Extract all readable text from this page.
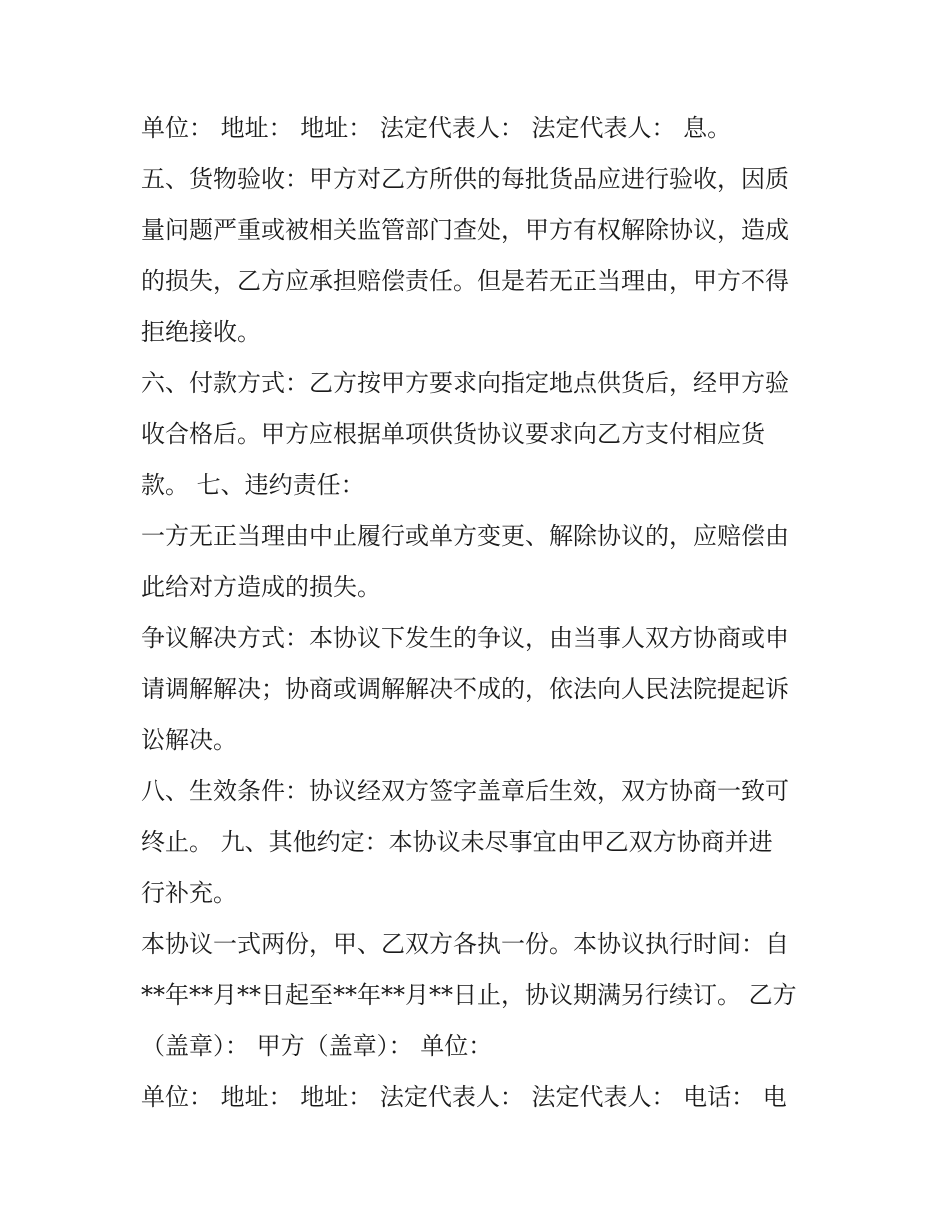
单位： 地址： 地址： 法定代表人： 法定代表人： 息。
五、货物验收：甲方对乙方所供的每批货品应进行验收，因质
量问题严重或被相关监管部门查处，甲方有权解除协议，造成
的损失，乙方应承担赔偿责任。但是若无正当理由，甲方不得
拒绝接收。
六、付款方式：乙方按甲方要求向指定地点供货后，经甲方验
收合格后。甲方应根据单项供货协议要求向乙方支付相应货
款。 七、违约责任：
一方无正当理由中止履行或单方变更、解除协议的，应赔偿由
此给对方造成的损失。
争议解决方式：本协议下发生的争议，由当事人双方协商或申
请调解解决；协商或调解解决不成的，依法向人民法院提起诉
讼解决。
八、生效条件：协议经双方签字盖章后生效，双方协商一致可
终止。 九、其他约定：本协议未尽事宜由甲乙双方协商并进
行补充。
本协议一式两份，甲、乙双方各执一份。本协议执行时间：自
**年**月**日起至**年**月**日止，协议期满另行续订。 乙方
（盖章）： 甲方（盖章）： 单位：
单位： 地址： 地址： 法定代表人： 法定代表人： 电话： 电
